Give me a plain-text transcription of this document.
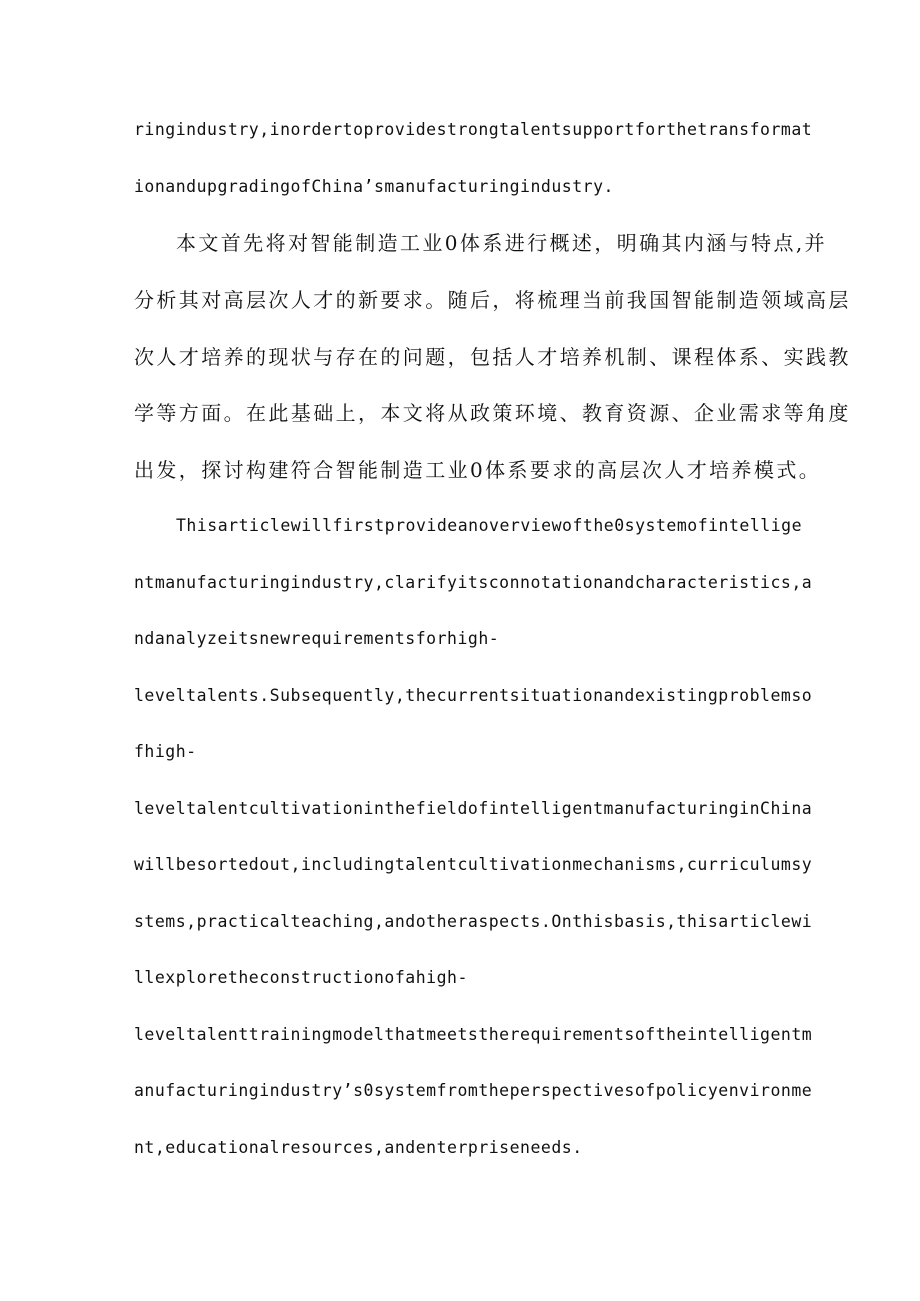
ringindustry,inordertoprovidestrongtalentsupportforthetransformat

ionandupgradingofChina’smanufacturingindustry.

本文首先将对智能制造工业0体系进行概述，明确其内涵与特点,并

分析其对高层次人才的新要求。随后，将梳理当前我国智能制造领域高层

次人才培养的现状与存在的问题，包括人才培养机制、课程体系、实践教

学等方面。在此基础上，本文将从政策环境、教育资源、企业需求等角度

出发，探讨构建符合智能制造工业0体系要求的高层次人才培养模式。

Thisarticlewillfirstprovideanoverviewofthe0systemofintellige

ntmanufacturingindustry,clarifyitsconnotationandcharacteristics,a

ndanalyzeitsnewrequirementsforhigh-

leveltalents.Subsequently,thecurrentsituationandexistingproblemso

fhigh-

leveltalentcultivationinthefieldofintelligentmanufacturinginChina

willbesortedout,includingtalentcultivationmechanisms,curriculumsy

stems,practicalteaching,andotheraspects.Onthisbasis,thisarticlewi

llexploretheconstructionofahigh-

leveltalenttrainingmodelthatmeetstherequirementsoftheintelligentm

anufacturingindustry’s0systemfromtheperspectivesofpolicyenvironme

nt,educationalresources,andenterpriseneeds.
